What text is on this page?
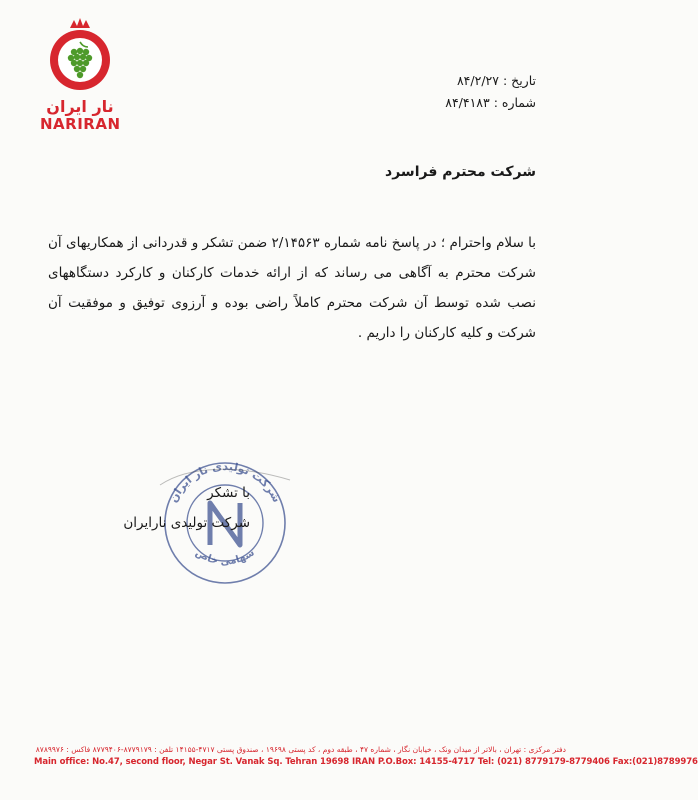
نار ایران
NARIRAN
تاریخ : ۸۴/۲/۲۷
شماره : ۸۴/۴۱۸۳
شرکت محترم فراسرد
با سلام واحترام ؛ در پاسخ نامه شماره ۲/۱۴۵۶۳ ضمن تشکر و قدردانی از همکاریهای آن شرکت محترم به آگاهی می رساند که از ارائه خدمات کارکنان و کارکرد دستگاههای نصب شده توسط آن شرکت محترم کاملاً راضی بوده و آرزوی توفیق و موفقیت آن شرکت و کلیه کارکنان را داریم .
شرکت تولیدی نار ایران
سهامی خاص
با تشکر
شرکت تولیدی نارایران
دفتر مرکزی : تهران ، بالاتر از میدان ونک ، خیابان نگار ، شماره ۴۷ ، طبقه دوم ، کد پستی ۱۹۶۹۸ ، صندوق پستی ۴۷۱۷-۱۴۱۵۵ تلفن : ۸۷۷۹۱۷۹-۸۷۷۹۴۰۶ فاکس : ۸۷۸۹۹۷۶
Main office: No.47, second floor, Negar St. Vanak Sq. Tehran 19698 IRAN P.O.Box: 14155-4717 Tel: (021) 8779179-8779406 Fax:(021)8789976
